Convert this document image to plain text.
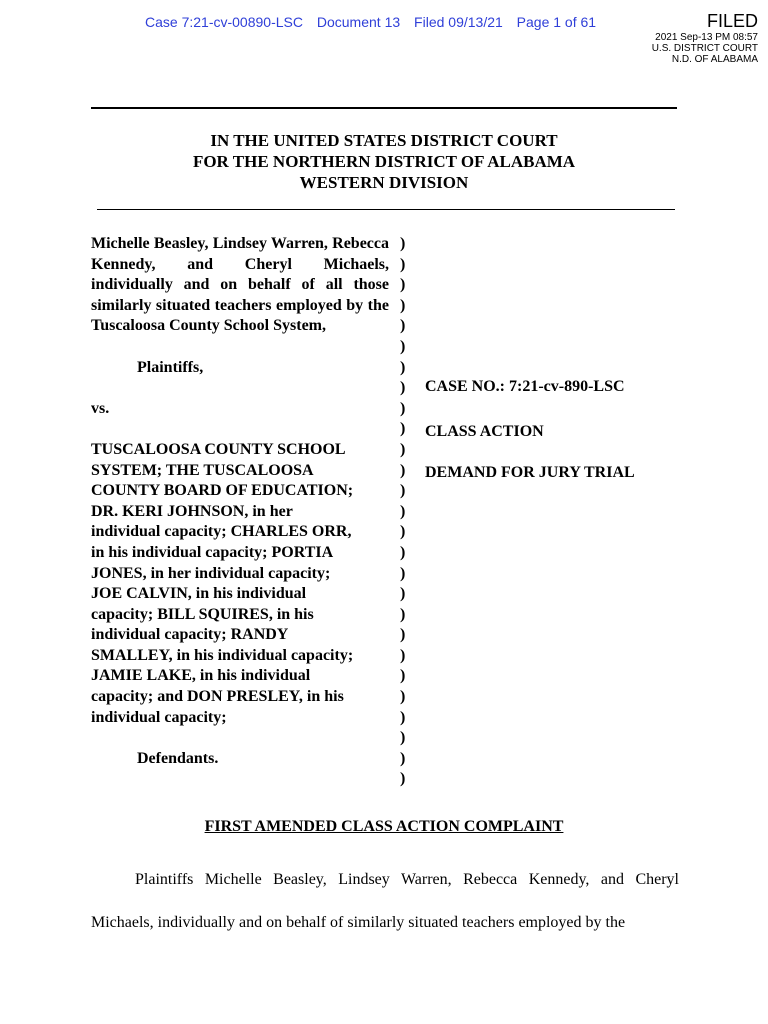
Case 7:21-cv-00890-LSC Document 13 Filed 09/13/21 Page 1 of 61	FILED
2021 Sep-13 PM 08:57
U.S. DISTRICT COURT
N.D. OF ALABAMA
IN THE UNITED STATES DISTRICT COURT
FOR THE NORTHERN DISTRICT OF ALABAMA
WESTERN DIVISION
Michelle Beasley, Lindsey Warren, Rebecca Kennedy, and Cheryl Michaels, individually and on behalf of all those similarly situated teachers employed by the Tuscaloosa County School System,
Plaintiffs,
vs.
TUSCALOOSA COUNTY SCHOOL
SYSTEM; THE TUSCALOOSA
COUNTY BOARD OF EDUCATION;
DR. KERI JOHNSON, in her
individual capacity; CHARLES ORR,
in his individual capacity; PORTIA
JONES, in her individual capacity;
JOE CALVIN, in his individual
capacity; BILL SQUIRES, in his
individual capacity; RANDY
SMALLEY, in his individual capacity;
JAMIE LAKE, in his individual
capacity; and DON PRESLEY, in his
individual capacity;
Defendants.
)
)
)
)
)
)
)
)
)
)
)
)
)
)
)
)
)
)
)
)
)
)
)
)
)
)
)
CASE NO.: 7:21-cv-890-LSC
CLASS ACTION
DEMAND FOR JURY TRIAL
FIRST AMENDED CLASS ACTION COMPLAINT
Plaintiffs Michelle Beasley, Lindsey Warren, Rebecca Kennedy, and Cheryl
Michaels, individually and on behalf of similarly situated teachers employed by the
